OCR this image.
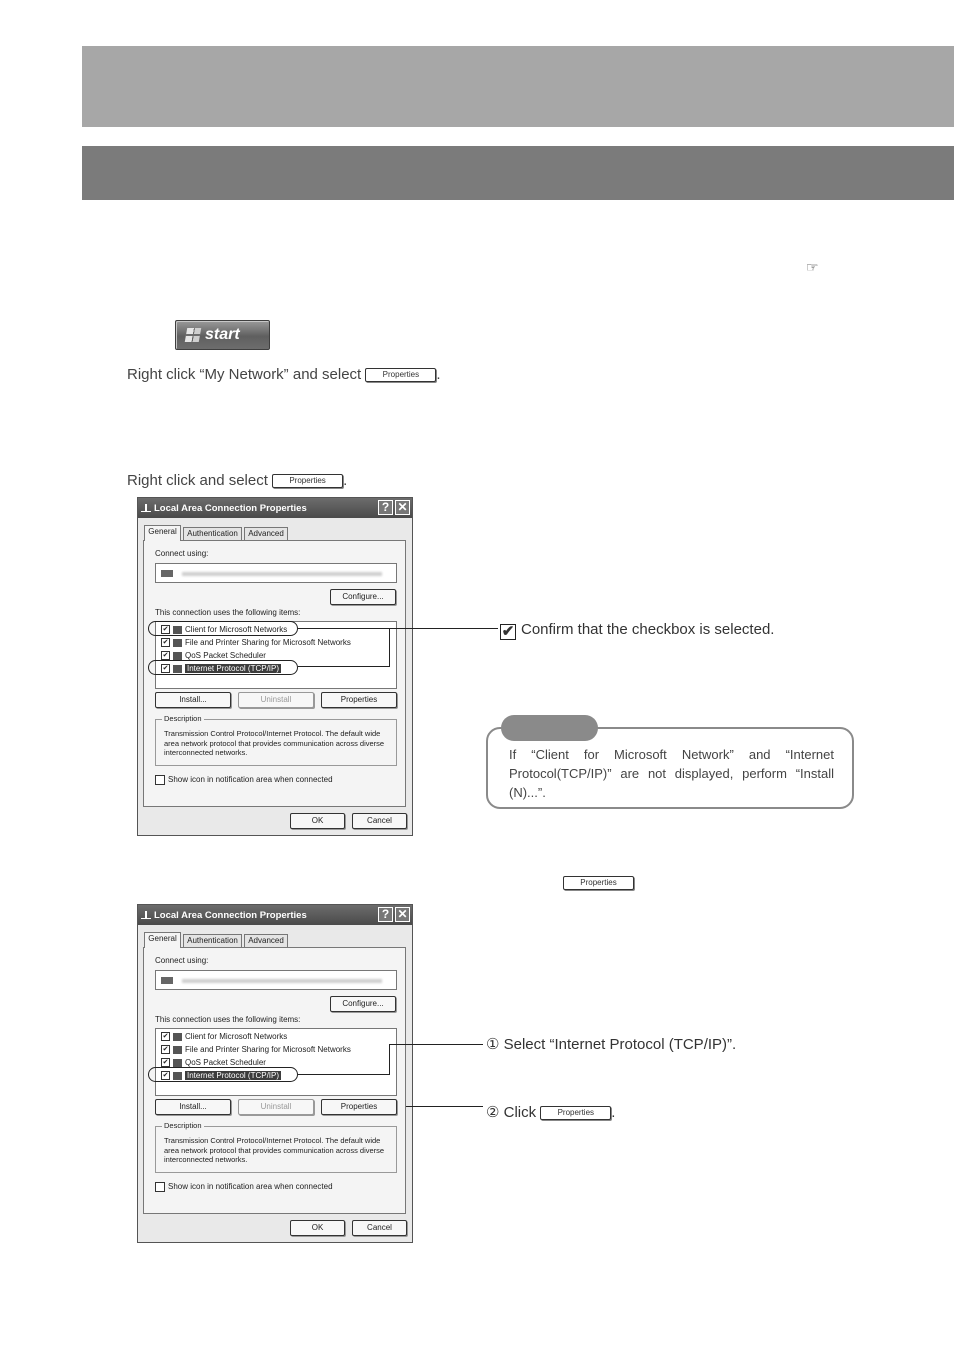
☞
start
Right click “My Network” and select	Properties .
Right click and select	Properties .
Properties
Local Area Connection Properties	? ✕
General	Authentication	Advanced
Connect using:
Configure...
This connection uses the following items:
✔ Client for Microsoft Networks
✔ File and Printer Sharing for Microsoft Networks
✔ QoS Packet Scheduler
✔ Internet Protocol (TCP/IP)
Install...	Uninstall	Properties
Description
Transmission Control Protocol/Internet Protocol. The default wide area network protocol that provides communication across diverse interconnected networks.
Show icon in notification area when connected
OK	Cancel
✔ Confirm that the checkbox is selected.
If “Client for Microsoft Network” and “Internet Protocol(TCP/IP)” are not displayed, perform “Install (N)...”.
Local Area Connection Properties	? ✕
General	Authentication	Advanced
Connect using:
Configure...
This connection uses the following items:
✔ Client for Microsoft Networks
✔ File and Printer Sharing for Microsoft Networks
✔ QoS Packet Scheduler
✔ Internet Protocol (TCP/IP)
Install...	Uninstall	Properties
Description
Transmission Control Protocol/Internet Protocol. The default wide area network protocol that provides communication across diverse interconnected networks.
Show icon in notification area when connected
OK	Cancel
① Select “Internet Protocol (TCP/IP)”.
② Click	Properties .
